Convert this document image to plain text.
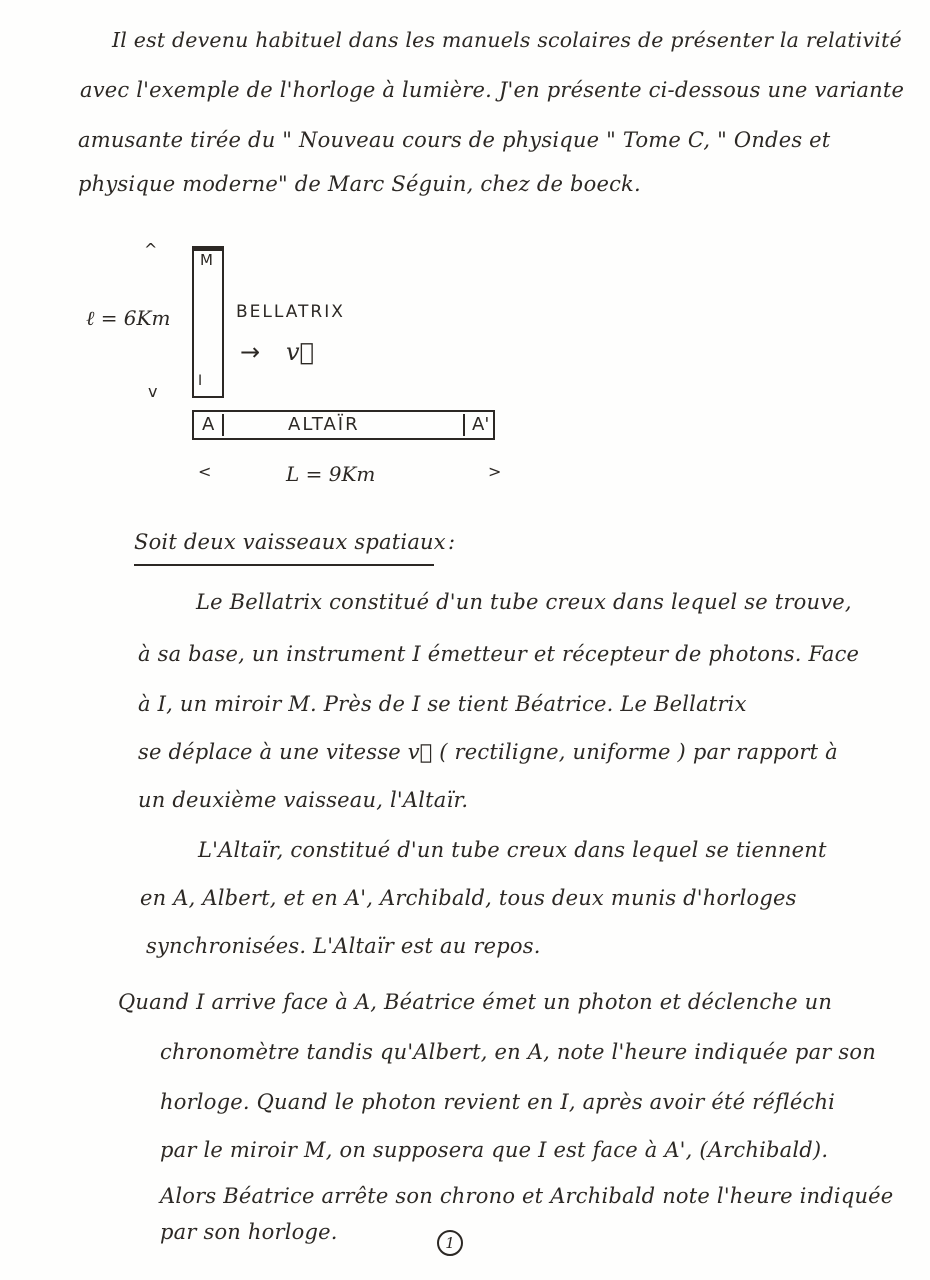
Il est devenu habituel dans les manuels scolaires de présenter la relativité
avec l'exemple de l'horloge à lumière. J'en présente ci-dessous une variante
amusante tirée du " Nouveau cours de physique " Tome C, " Ondes et
physique moderne" de Marc Séguin, chez de boeck.
^
ℓ = 6Km
v
M
I
BELLATRIX
→ v⃗
A	ALTAÏR	A'
<	L = 9Km	>
Soit deux vaisseaux spatiaux :
Le Bellatrix constitué d'un tube creux dans lequel se trouve,
à sa base, un instrument I émetteur et récepteur de photons. Face
à I, un miroir M. Près de I se tient Béatrice. Le Bellatrix
se déplace à une vitesse v⃗ ( rectiligne, uniforme ) par rapport à
un deuxième vaisseau, l'Altaïr.
L'Altaïr, constitué d'un tube creux dans lequel se tiennent
en A, Albert, et en A', Archibald, tous deux munis d'horloges
synchronisées. L'Altaïr est au repos.
Quand I arrive face à A, Béatrice émet un photon et déclenche un
chronomètre tandis qu'Albert, en A, note l'heure indiquée par son
horloge. Quand le photon revient en I, après avoir été réfléchi
par le miroir M, on supposera que I est face à A', (Archibald).
Alors Béatrice arrête son chrono et Archibald note l'heure indiquée
par son horloge.	1
